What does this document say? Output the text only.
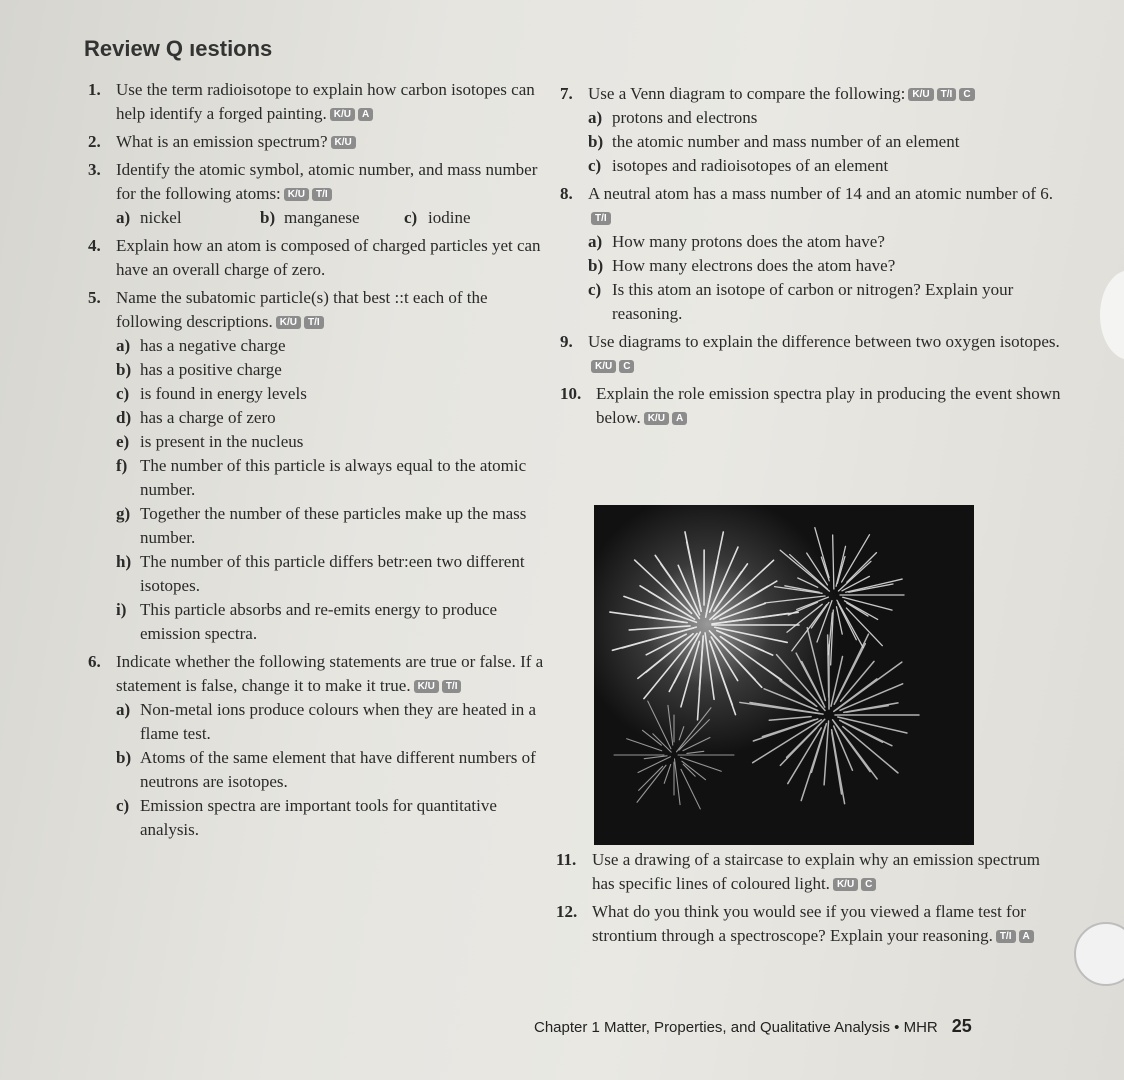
Review Q ıestions
1. Use the term radioisotope to explain how carbon isotopes can help identify a forged painting. K/U A
2. What is an emission spectrum? K/U
3. Identify the atomic symbol, atomic number, and mass number for the following atoms: K/U T/I
a) nickel	b) manganese	c) iodine
4. Explain how an atom is composed of charged particles yet can have an overall charge of zero.
5. Name the subatomic particle(s) that best ::t each of the following descriptions. K/U T/I
a) has a negative charge
b) has a positive charge
c) is found in energy levels
d) has a charge of zero
e) is present in the nucleus
f) The number of this particle is always equal to the atomic number.
g) Together the number of these particles make up the mass number.
h) The number of this particle differs betr:een two different isotopes.
i) This particle absorbs and re-emits energy to produce emission spectra.
6. Indicate whether the following statements are true or false. If a statement is false, change it to make it true. K/U T/I
a) Non-metal ions produce colours when they are heated in a flame test.
b) Atoms of the same element that have different numbers of neutrons are isotopes.
c) Emission spectra are important tools for quantitative analysis.
7. Use a Venn diagram to compare the following: K/U T/I C
a) protons and electrons
b) the atomic number and mass number of an element
c) isotopes and radioisotopes of an element
8. A neutral atom has a mass number of 14 and an atomic number of 6.T/I
a) How many protons does the atom have?
b) How many electrons does the atom have?
c) Is this atom an isotope of carbon or nitrogen? Explain your reasoning.
9. Use diagrams to explain the difference between two oxygen isotopes.K/U C
10. Explain the role emission spectra play in producing the event shown below. K/U A
11. Use a drawing of a staircase to explain why an emission spectrum has specific lines of coloured light. K/U C
12. What do you think you would see if you viewed a flame test for strontium through a spectroscope? Explain your reasoning. T/I A
Chapter 1 Matter, Properties, and Qualitative Analysis • MHR 25
